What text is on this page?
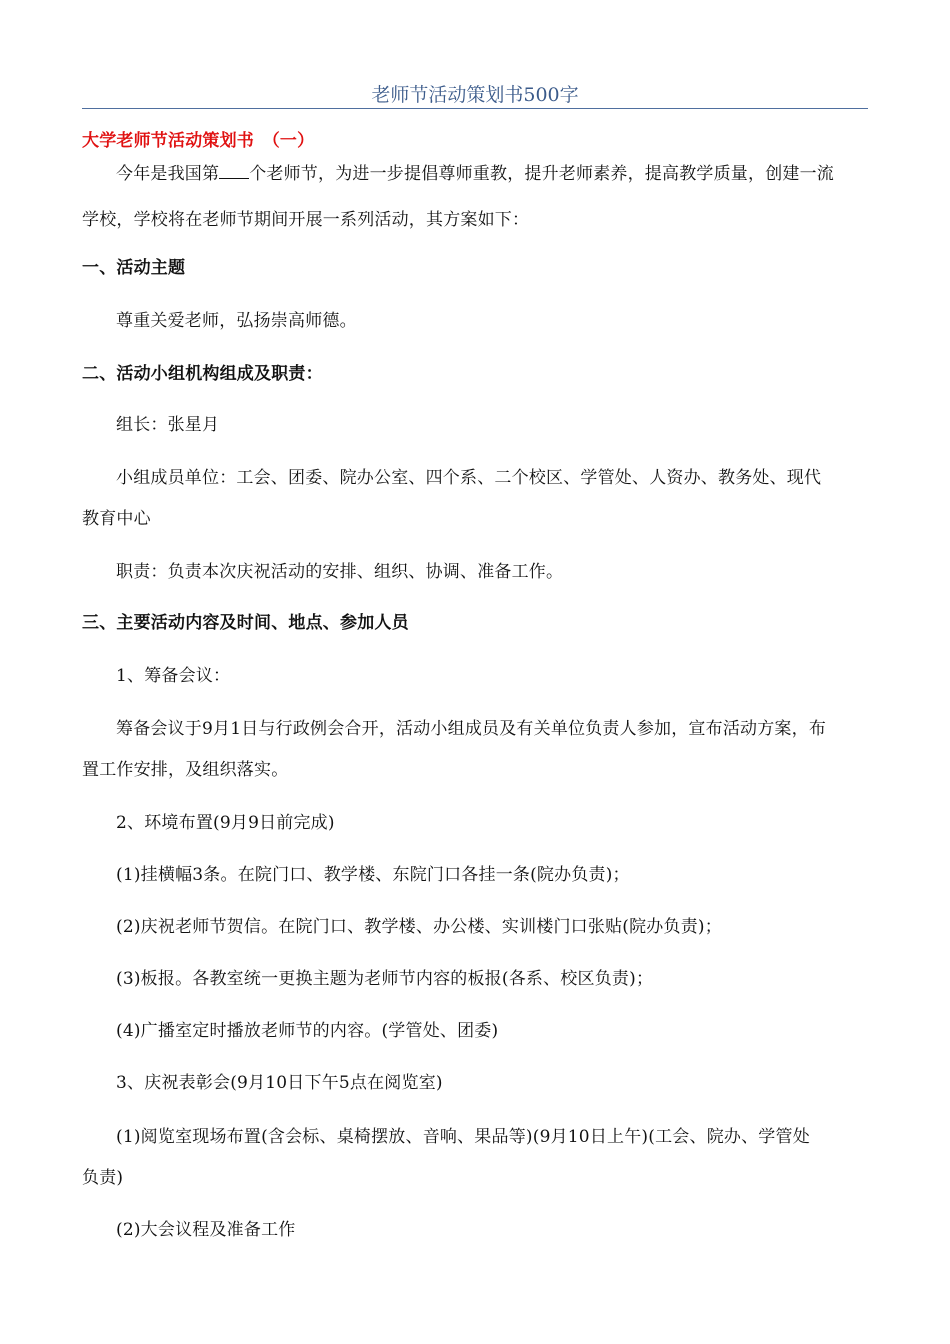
老师节活动策划书500字
大学老师节活动策划书　（一）
今年是我国第 个老师节，为进一步提倡尊师重教，提升老师素养，提高教学质量，创建一流
学校，学校将在老师节期间开展一系列活动，其方案如下：
一、活动主题
尊重关爱老师，弘扬崇高师德。
二、活动小组机构组成及职责：
组长：张星月
小组成员单位：工会、团委、院办公室、四个系、二个校区、学管处、人资办、教务处、现代
教育中心
职责：负责本次庆祝活动的安排、组织、协调、准备工作。
三、主要活动内容及时间、地点、参加人员
1、筹备会议：
筹备会议于9月1日与行政例会合开，活动小组成员及有关单位负责人参加，宣布活动方案，布
置工作安排，及组织落实。
2、环境布置(9月9日前完成)
(1)挂横幅3条。在院门口、教学楼、东院门口各挂一条(院办负责)；
(2)庆祝老师节贺信。在院门口、教学楼、办公楼、实训楼门口张贴(院办负责)；
(3)板报。各教室统一更换主题为老师节内容的板报(各系、校区负责)；
(4)广播室定时播放老师节的内容。(学管处、团委)
3、庆祝表彰会(9月10日下午5点在阅览室)
(1)阅览室现场布置(含会标、桌椅摆放、音响、果品等)(9月10日上午)(工会、院办、学管处
负责)
(2)大会议程及准备工作
